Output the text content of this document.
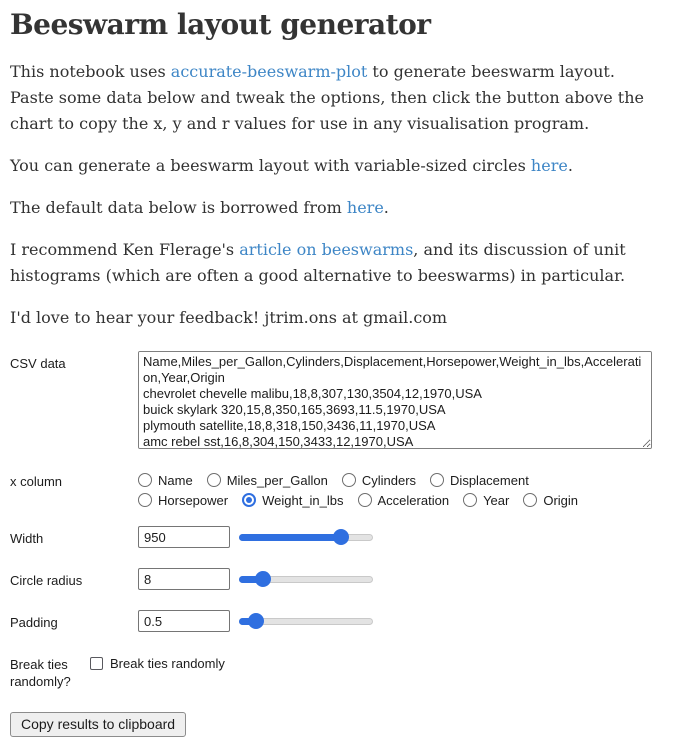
Beeswarm layout generator

This notebook uses accurate-beeswarm-plot to generate beeswarm layout. Paste some data below and tweak the options, then click the button above the chart to copy the x, y and r values for use in any visualisation program.

You can generate a beeswarm layout with variable-sized circles here.

The default data below is borrowed from here.

I recommend Ken Flerage's article on beeswarms, and its discussion of unit histograms (which are often a good alternative to beeswarms) in particular.

I'd love to hear your feedback! jtrim.ons at gmail.com

CSV data
Name,Miles_per_Gallon,Cylinders,Displacement,Horsepower,Weight_in_lbs,Acceleration,Year,Origin chevrolet chevelle malibu,18,8,307,130,3504,12,1970,USA buick skylark 320,15,8,350,165,3693,11.5,1970,USA plymouth satellite,18,8,318,150,3436,11,1970,USA amc rebel sst,16,8,304,150,3433,12,1970,USA ford torino,17,8,302,140,3449,10.5,1970,USA
x column	Name	Miles_per_Gallon	Cylinders	Displacement
Horsepower	Weight_in_lbs	Acceleration	Year	Origin
Width
950
Circle radius
8
Padding
0.5
Break ties randomly?
Break ties randomly
Copy results to clipboard
